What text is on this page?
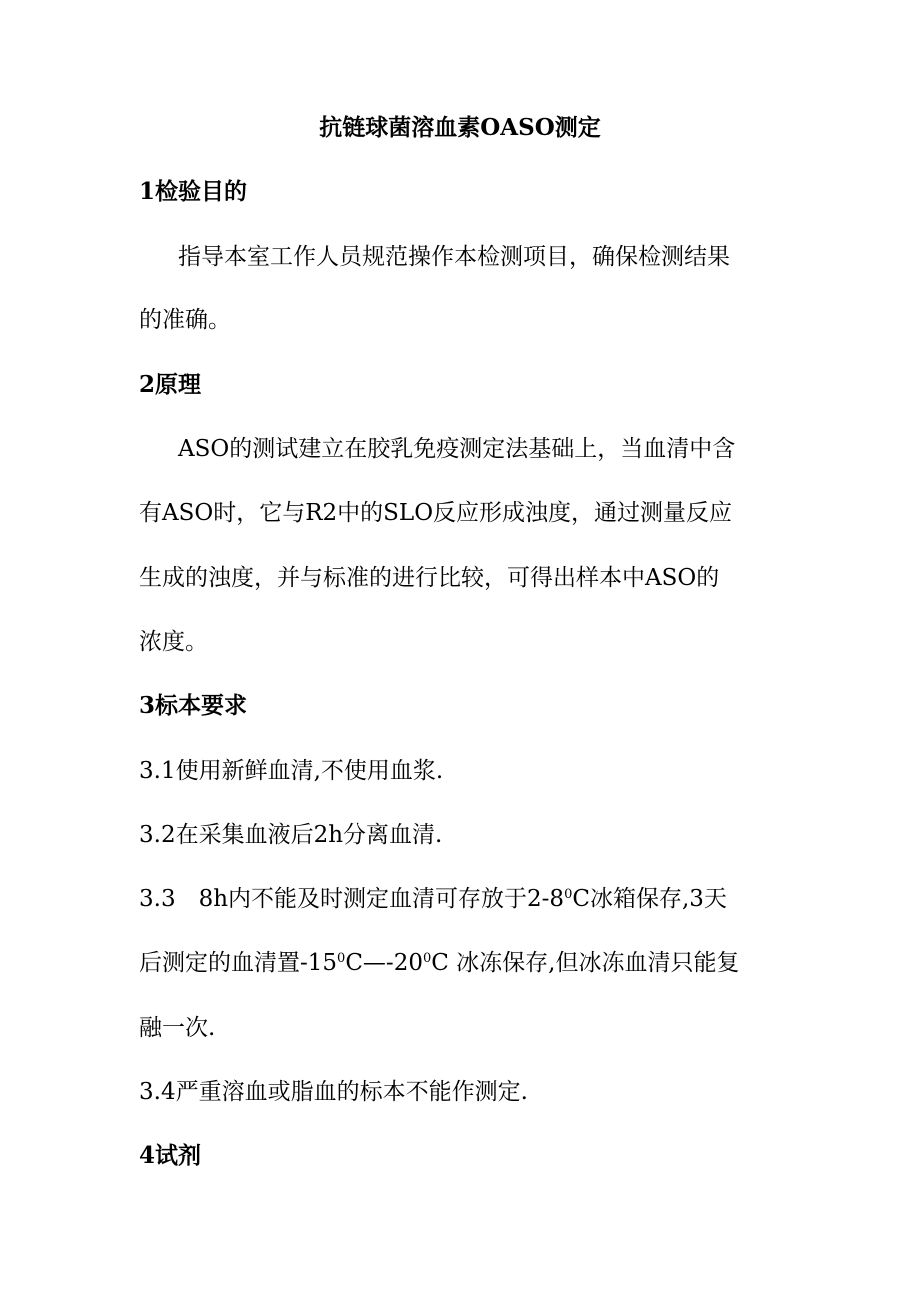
抗链球菌溶血素OASO测定
1检验目的
指导本室工作人员规范操作本检测项目，确保检测结果
的准确。
2原理
ASO的测试建立在胶乳免疫测定法基础上，当血清中含
有ASO时，它与R2中的SLO反应形成浊度，通过测量反应
生成的浊度，并与标准的进行比较，可得出样本中ASO的
浓度。
3标本要求
3.1使用新鲜血清,不使用血浆.
3.2在采集血液后2h分离血清.
3.3　8h内不能及时测定血清可存放于$2-8^0C$冰箱保存,3天
后测定的血清置$-15^0C—-20^0C$ 冰冻保存,但冰冻血清只能复
融一次.
3.4严重溶血或脂血的标本不能作测定.
4试剂
